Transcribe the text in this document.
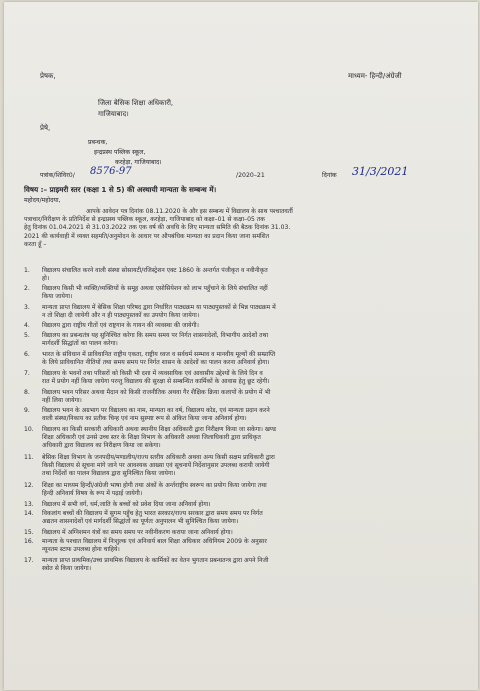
प्रेषक,	माध्यम- हिन्दी/अंग्रेजी
जिला बेसिक शिक्षा अधिकारी,
गाजियाबाद।
प्रेषे,
प्रबन्धक,
इन्द्रप्रस्थ पब्लिक स्कूल,
करहेड़ा, गाजियाबाद।
पत्रांक/शिविर0/ 8576-97	/2020–21	दिनांक 31/3/2021
विषय :– प्राइमरी स्तर (कक्षा 1 से 5) की अस्थायी मान्यता के सम्बन्ध में।
महोदय/महोदया,
आपके आवेदन पत्र दिनांक 08.11.2020 के और इस सम्बन्ध में विद्यालय के साथ पश्चातवर्ती
पत्राचार/निरीक्षण के प्रतिनिर्देश से इन्द्रप्रस्थ पब्लिक स्कूल, करहेड़ा, गाजियाबाद को कक्षा–01 से कक्षा–05 तक
हेतु दिनांक 01.04.2021 से 31.03.2022 तक एक वर्ष की अवधि के लिए मान्यता समिति की बैठक दिनांक 31.03.
2021 की कार्यवाही में व्यक्त सहमति/अनुमोदन के आधार पर औपबंधिक मान्यता का प्रदान किया जाना समंशित
करता हूँ –
1.	विद्यालय संचालित करने वाली संस्था सोसायटी/रजिस्ट्रेशन एक्ट 1860 के अन्तर्गत पंजीकृत व नवीनीकृत
हो।
2.	विद्यालय किसी भी व्यक्ति/व्यक्तियों के समूह अथवा एसोसियेशन को लाभ पहुँचाने के लिये संचालित नहीं
किया जायेगा।
3.	मान्यता प्राप्त विद्यालय में बेसिक शिक्षा परिषद द्वारा निर्धारित पाठ्यक्रम या पाठ्यपुस्तकों से भिन्न पाठ्यक्रम में
न तो शिक्षा दी जायेगी और न ही पाठ्यपुस्तकों का उपयोग किया जायेगा।
4.	विद्यालय द्वारा राष्ट्रीय गीतों एवं राष्ट्रगान के गायन की व्यवस्था की जायेगी।
5.	विद्यालय का प्रबन्धतंत्र यह सुनिश्चित करेगा कि समय समय पर निर्गत शासनादेशों, विभागीय आदेशों तथा
मार्गदर्शी सिद्धांतों का पालन करेगा।
6.	भारत के संविधान में प्राविधानित राष्ट्रीय एकता, राष्ट्रीय ध्वज व सर्वधर्म सम्भाव व मानवीय मूल्यों की सम्प्राप्ति
के लिये प्राविधानित नीतियों तथा समय समय पर निर्गत शासन के आदेशों का पालन करना अनिवार्य होगा।
7.	विद्यालय के भवनों तथा परिसरों को किसी भी दशा में व्यवसायिक एवं आवासीय उद्देश्यों के लिये दिन व
रात में प्रयोग नहीं किया जायेगा परन्तु विद्यालय की सुरक्षा से सम्बन्धित कार्मिकों के आवास हेतु छूट रहेगी।
8.	विद्यालय भवन परिसर अथवा मैदान को किसी राजनीतिक अथवा गैर शैक्षिक क्रिया कलापों के प्रयोग में भी
नहीं लिया जायेगा।
9.	विद्यालय भवन के अग्रभाग पर विद्यालय का नाम, मान्यता का वर्ष, विद्यालय कोड, एवं मान्यता प्रदान करने
वाली संस्था/निकाय का प्रतीक चिन्ह एवं नाम सुस्पष्ट रूप से अंकित किया जाना अनिवार्य होगा।
10.	विद्यालय का किसी सरकारी अधिकारी अथवा स्थानीय शिक्षा अधिकारी द्वारा निरीक्षण किया जा सकेगा। खण्ड
शिक्षा अधिकारी एवं उनसे उच्च स्तर के शिक्षा विभाग के अधिकारी अथवा जिलाधिकारी द्वारा प्राधिकृत
अधिकारी द्वारा विद्यालय का निरीक्षण किया जा सकेगा।
11.	बेसिक शिक्षा विभाग के जनपदीय/मण्डलीय/राज्य स्तरीय अधिकारी अथवा अन्य किसी सक्षम प्राधिकारी द्वारा
किसी विद्यालय से सूचना मांगे जाने पर आवश्यक आख्या एवं सूचनायें निर्देशानुसार उपलब्ध करायी जायेगी
तथा निर्देशों का पालन विद्यालय द्वारा सुनिश्चित किया जायेगा।
12.	शिक्षा का माध्यम हिन्दी/अंग्रेजी भाषा होगी तथा अंकों के अर्न्तराष्ट्रीय स्वरूप का प्रयोग किया जायेगा तथा
हिन्दी अनिवार्य विषय के रूप में पढ़ाई जायेगी।
13.	विद्यालय में सभी वर्ग, धर्म,जाति के बच्चों को प्रवेश दिया जाना अनिवार्य होगा।
14.	विकलांग बच्चों की विद्यालय में सुगम पहुँच हेतु भारत सरकार/राज्य सरकार द्वारा समय समय पर निर्गत
अद्यतन शासनादेशों एवं मार्गदर्शी सिद्धांतों का पूर्णतः अनुपालन भी सुनिश्चित किया जायेगा।
15.	विद्यालय में अग्निशमन यंत्रों का समय समय पर नवीनीकरण कराया जाना अनिवार्य होगा।
16.	मान्यता के पश्चात विद्यालय में निःशुल्क एवं अनिवार्य बाल शिक्षा अधिकार अधिनियम 2009 के अनुसार
न्यूनतम स्टाफ उपलब्ध होना चाहिये।
17.	मान्यता प्राप्त प्राथमिक/उच्च प्राथमिक विद्यालय के कार्मिकों का वेतन भुगतान प्रबन्धतन्त्र द्वारा अपने निजी
स्त्रोत से किया जायेगा।
